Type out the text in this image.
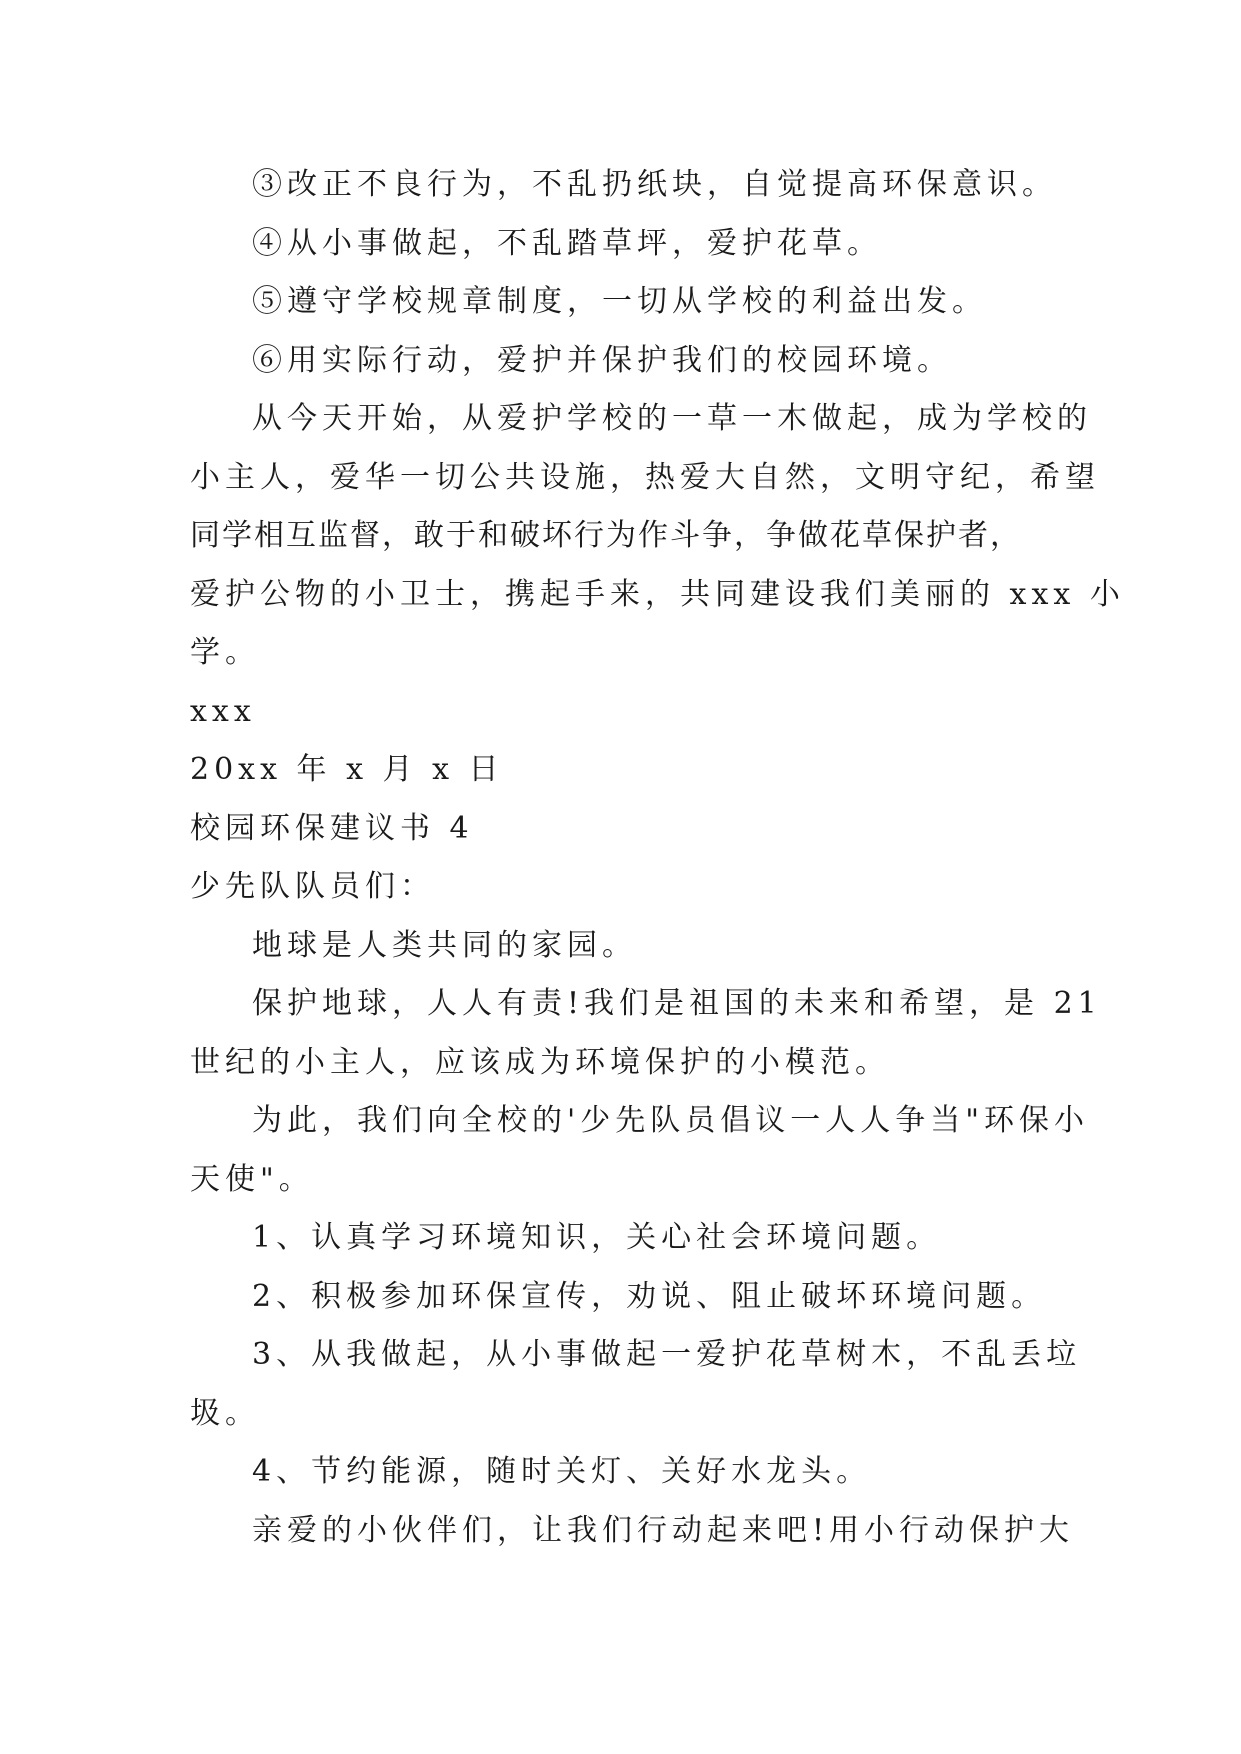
③改正不良行为，不乱扔纸块，自觉提高环保意识。
④从小事做起，不乱踏草坪，爱护花草。
⑤遵守学校规章制度，一切从学校的利益出发。
⑥用实际行动，爱护并保护我们的校园环境。
从今天开始，从爱护学校的一草一木做起，成为学校的
小主人，爱华一切公共设施，热爱大自然，文明守纪，希望
同学相互监督，敢于和破坏行为作斗争，争做花草保护者，
爱护公物的小卫士，携起手来，共同建设我们美丽的 xxx 小
学。
xxx
20xx 年 x 月 x 日
校园环保建议书 4
少先队队员们：
地球是人类共同的家园。
保护地球，人人有责!我们是祖国的未来和希望，是 21
世纪的小主人，应该成为环境保护的小模范。
为此，我们向全校的'少先队员倡议一人人争当"环保小
天使"。
1、认真学习环境知识，关心社会环境问题。
2、积极参加环保宣传，劝说、阻止破坏环境问题。
3、从我做起，从小事做起一爱护花草树木，不乱丢垃
圾。
4、节约能源，随时关灯、关好水龙头。
亲爱的小伙伴们，让我们行动起来吧!用小行动保护大
